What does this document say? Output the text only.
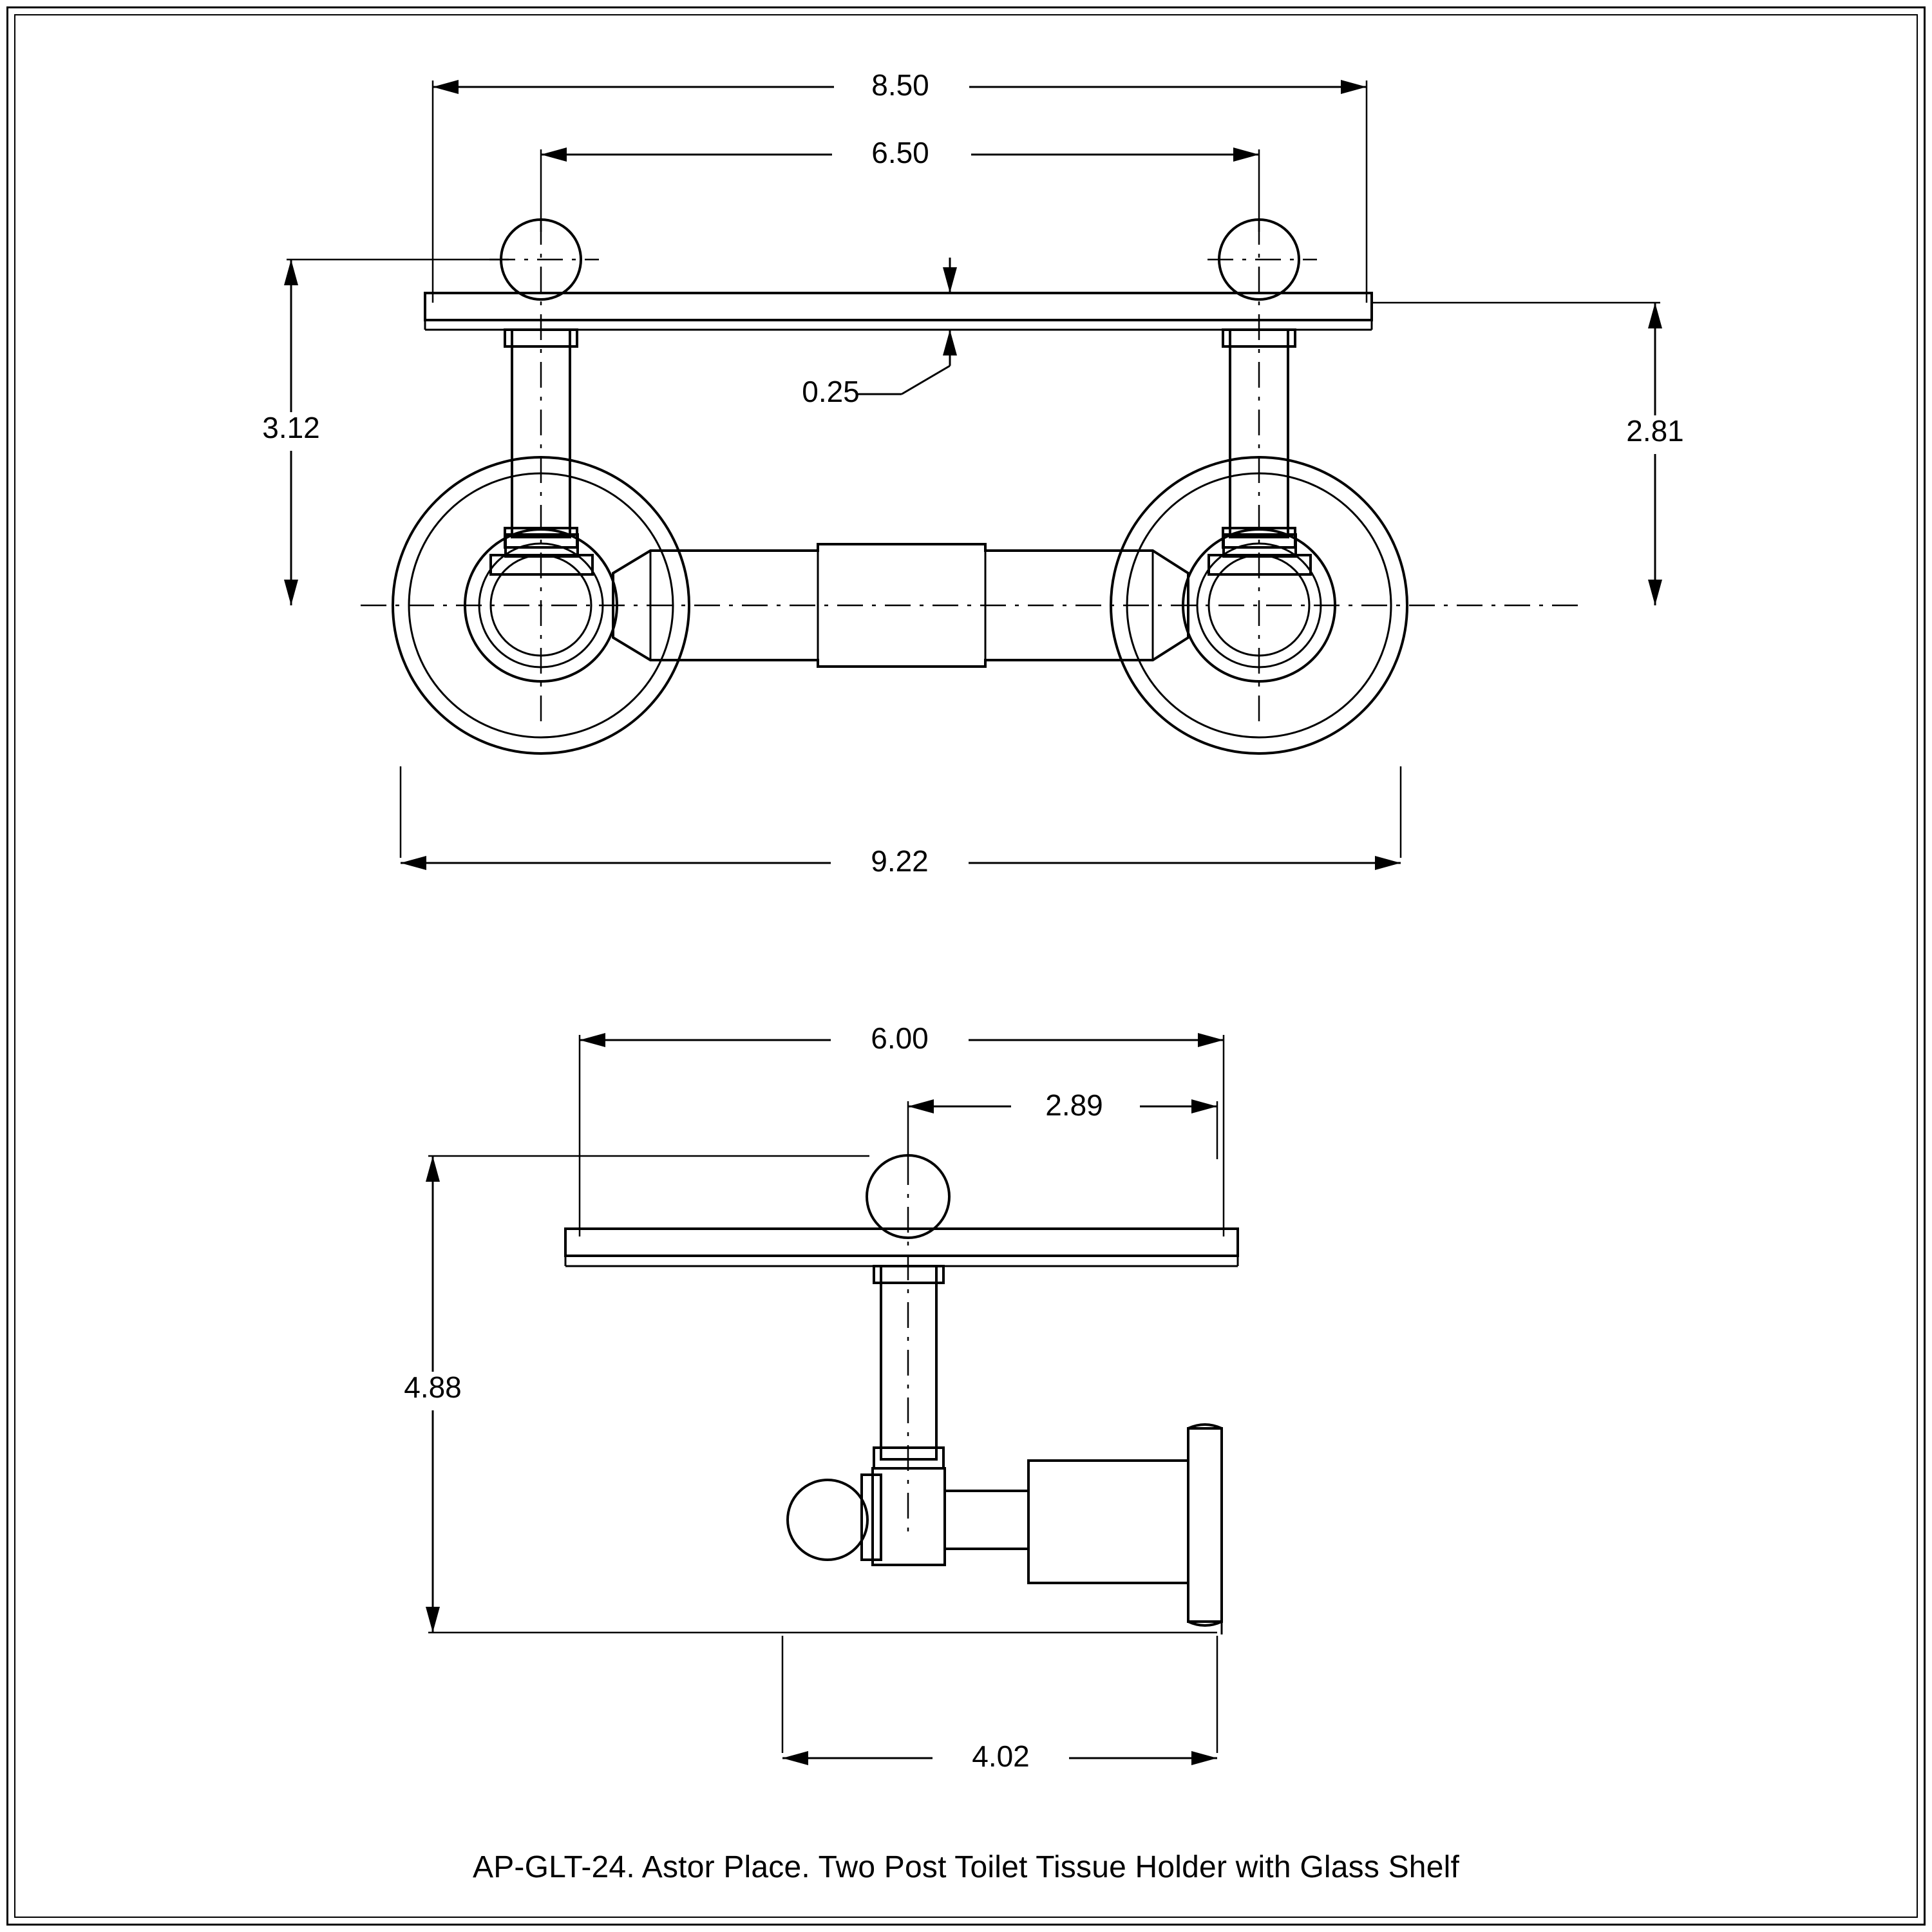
0.25
3.12	2.81
9.22
8.50
6.50
6.00
2.89
4.88
4.02
AP-GLT-24. Astor Place. Two Post Toilet Tissue Holder with Glass Shelf
